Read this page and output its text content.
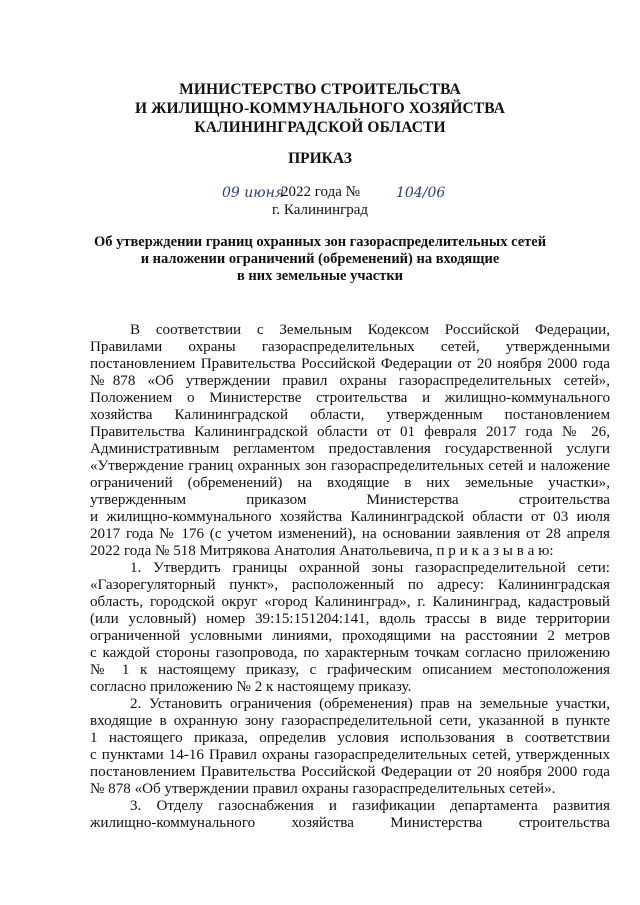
МИНИСТЕРСТВО СТРОИТЕЛЬСТВА
И ЖИЛИЩНО-КОММУНАЛЬНОГО ХОЗЯЙСТВА
КАЛИНИНГРАДСКОЙ ОБЛАСТИ
ПРИКАЗ
09 июня
2022 года №	104/06
г. Калининград
Об утверждении границ охранных зон газораспределительных сетей
и наложении ограничений (обременений) на входящие
в них земельные участки
В соответствии с Земельным Кодексом Российской Федерации,
Правилами охраны газораспределительных сетей, утвержденными
постановлением Правительства Российской Федерации от 20 ноября 2000 года
№878 «Об утверждении правил охраны газораспределительных сетей»,
Положением о Министерстве строительства и жилищно-коммунального
хозяйства Калининградской области, утвержденным постановлением
Правительства Калининградской области от 01 февраля 2017 года № 26,
Административным регламентом предоставления государственной услуги
«Утверждение границ охранных зон газораспределительных сетей и наложение
ограничений (обременений) на входящие в них земельные участки»,
утвержденным приказом Министерства строительства
и жилищно-коммунального хозяйства Калининградской области от 03 июля
2017 года № 176 (с учетом изменений), на основании заявления от 28 апреля
2022 года № 518 Митрякова Анатолия Анатольевича, п р и к а з ы в а ю:
1. Утвердить границы охранной зоны газораспределительной сети:
«Газорегуляторный пункт», расположенный по адресу: Калининградская
область, городской округ «город Калининград», г. Калининград, кадастровый
(или условный) номер 39:15:151204:141, вдоль трассы в виде территории
ограниченной условными линиями, проходящими на расстоянии 2 метров
с каждой стороны газопровода, по характерным точкам согласно приложению
№ 1 к настоящему приказу, с графическим описанием местоположения
согласно приложению № 2 к настоящему приказу.
2. Установить ограничения (обременения) прав на земельные участки,
входящие в охранную зону газораспределительной сети, указанной в пункте
1 настоящего приказа, определив условия использования в соответствии
с пунктами 14-16 Правил охраны газораспределительных сетей, утвержденных
постановлением Правительства Российской Федерации от 20 ноября 2000 года
№ 878 «Об утверждении правил охраны газораспределительных сетей».
3. Отделу газоснабжения и газификации департамента развития
жилищно-коммунального хозяйства Министерства строительства
